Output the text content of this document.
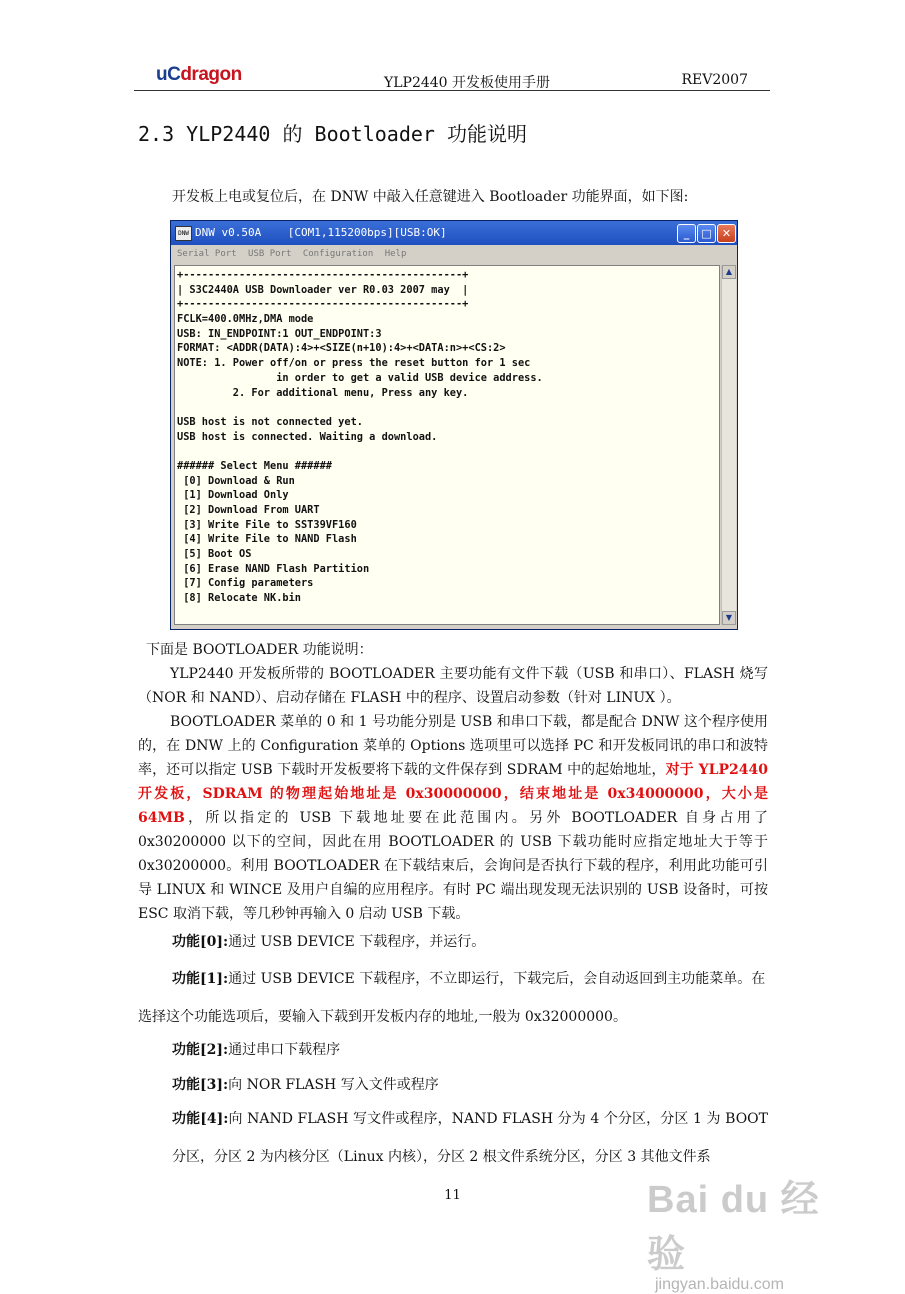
uCdragon	YLP2440 开发板使用手册	REV2007
2.3 YLP2440 的 Bootloader 功能说明
开发板上电或复位后，在 DNW 中敲入任意键进入 Bootloader 功能界面，如下图:
DNW DNW v0.50A    [COM1,115200bps][USB:OK]	_	□ ✕
Serial Port USB Port Configuration Help
+---------------------------------------------+
| S3C2440A USB Downloader ver R0.03 2007 may  |
+---------------------------------------------+
FCLK=400.0MHz,DMA mode
USB: IN_ENDPOINT:1 OUT_ENDPOINT:3
FORMAT: <ADDR(DATA):4>+<SIZE(n+10):4>+<DATA:n>+<CS:2>
NOTE: 1. Power off/on or press the reset button for 1 sec
in order to get a valid USB device address.
2. For additional menu, Press any key.
USB host is not connected yet.
USB host is connected. Waiting a download.
###### Select Menu ######
[0] Download & Run
[1] Download Only
[2] Download From UART
[3] Write File to SST39VF160
[4] Write File to NAND Flash
[5] Boot OS
[6] Erase NAND Flash Partition
[7] Config parameters
[8] Relocate NK.bin
▲
▼

下面是 BOOTLOADER 功能说明：

YLP2440 开发板所带的 BOOTLOADER 主要功能有文件下载（USB 和串口）、FLASH 烧写（NOR 和 NAND）、启动存储在 FLASH 中的程序、设置启动参数（针对 LINUX ）。

BOOTLOADER 菜单的 0 和 1 号功能分别是 USB 和串口下载，都是配合 DNW 这个程序使用的，在 DNW 上的 Configuration 菜单的 Options 选项里可以选择 PC 和开发板同讯的串口和波特率，还可以指定 USB 下载时开发板要将下载的文件保存到 SDRAM 中的起始地址，对于 YLP2440 开发板，SDRAM 的物理起始地址是 0x30000000，结束地址是 0x34000000，大小是 64MB，所以指定的 USB 下载地址要在此范围内。另外 BOOTLOADER 自身占用了 0x30200000 以下的空间，因此在用 BOOTLOADER 的 USB 下载功能时应指定地址大于等于 0x30200000。利用 BOOTLOADER 在下载结束后，会询问是否执行下载的程序，利用此功能可引导 LINUX 和 WINCE 及用户自编的应用程序。有时 PC 端出现发现无法识别的 USB 设备时，可按 ESC 取消下载，等几秒钟再输入 0 启动 USB 下载。

功能[0]:通过 USB DEVICE 下载程序，并运行。
功能[1]:通过 USB DEVICE 下载程序，不立即运行，下载完后，会自动返回到主功能菜单。在选择这个功能选项后，要输入下载到开发板内存的地址,一般为 0x32000000。
功能[2]:通过串口下载程序
功能[3]:向 NOR FLASH 写入文件或程序
功能[4]:向 NAND FLASH 写文件或程序，NAND FLASH 分为 4 个分区，分区 1 为 BOOT 分区，分区 2 为内核分区（Linux 内核），分区 2 根文件系统分区，分区 3 其他文件系
11	Bai du 经验
jingyan.baidu.com
